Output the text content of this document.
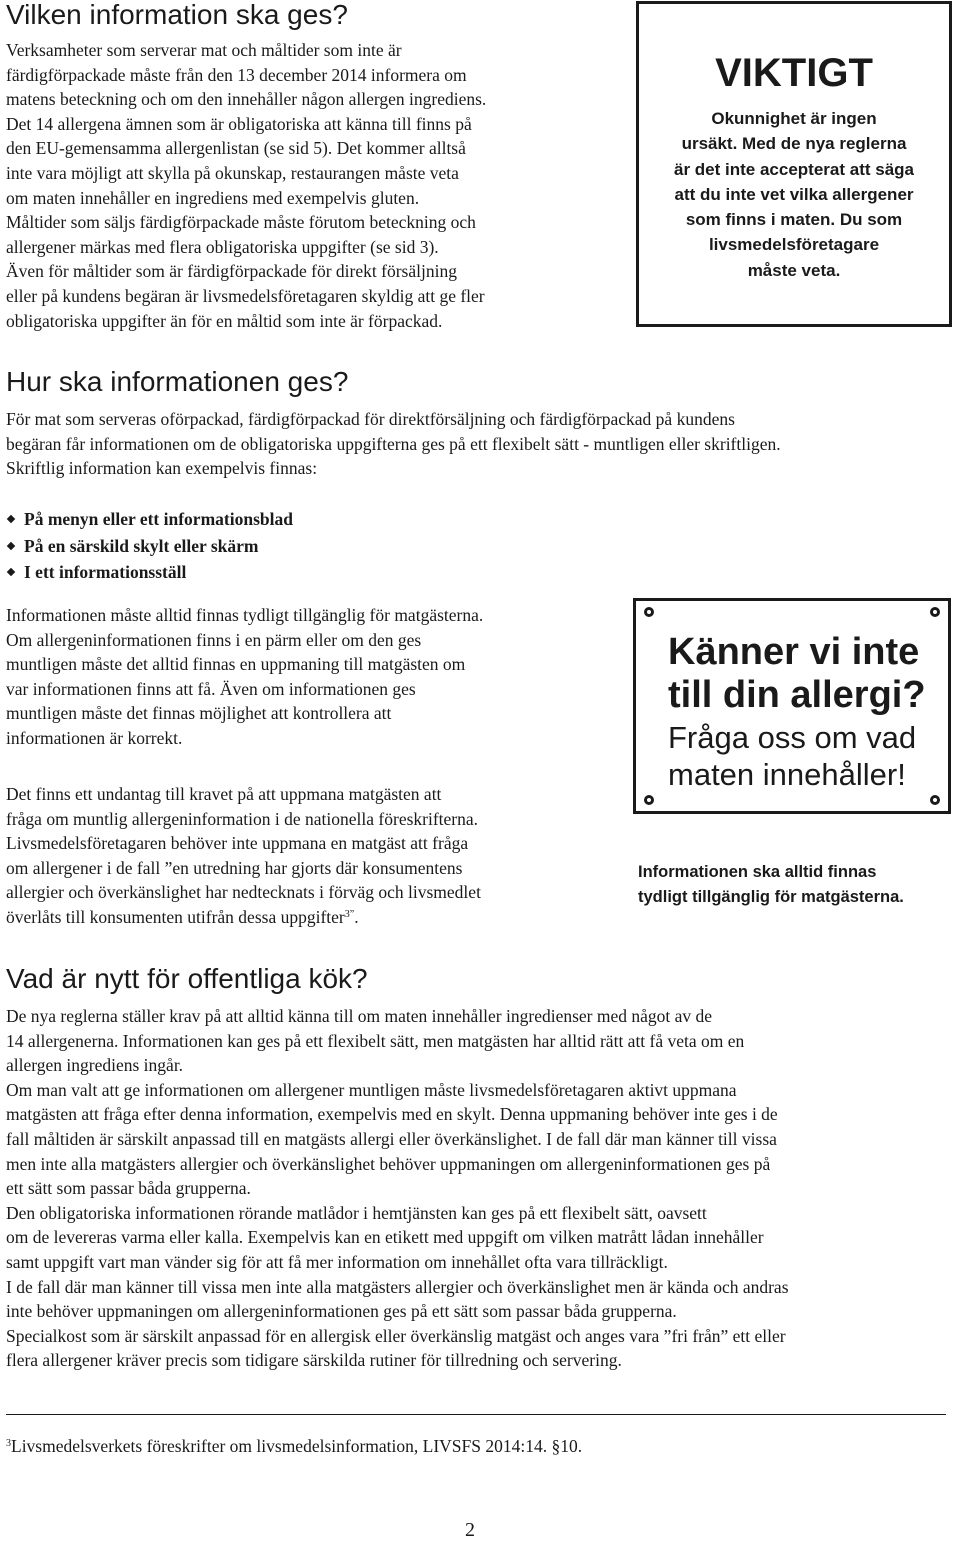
Vilken information ska ges?
Verksamheter som serverar mat och måltider som inte är
färdigförpackade måste från den 13 december 2014 informera om
matens beteckning och om den innehåller någon allergen ingrediens.
Det 14 allergena ämnen som är obligatoriska att känna till finns på
den EU-gemensamma allergenlistan (se sid 5). Det kommer alltså
inte vara möjligt att skylla på okunskap, restaurangen måste veta
om maten innehåller en ingrediens med exempelvis gluten.
Måltider som säljs färdigförpackade måste förutom beteckning och
allergener märkas med flera obligatoriska uppgifter (se sid 3).
Även för måltider som är färdigförpackade för direkt försäljning
eller på kundens begäran är livsmedelsföretagaren skyldig att ge fler
obligatoriska uppgifter än för en måltid som inte är förpackad.
VIKTIGT
Okunnighet är ingen
ursäkt. Med de nya reglerna
är det inte accepterat att säga
att du inte vet vilka allergener
som finns i maten. Du som
livsmedelsföretagare
måste veta.
Hur ska informationen ges?
För mat som serveras oförpackad, färdigförpackad för direktförsäljning och färdigförpackad på kundens
begäran får informationen om de obligatoriska uppgifterna ges på ett flexibelt sätt - muntligen eller skriftligen.
Skriftlig information kan exempelvis finnas:
På menyn eller ett informationsblad
På en särskild skylt eller skärm
I ett informationsställ
Informationen måste alltid finnas tydligt tillgänglig för matgästerna.
Om allergeninformationen finns i en pärm eller om den ges
muntligen måste det alltid finnas en uppmaning till matgästen om
var informationen finns att få. Även om informationen ges
muntligen måste det finnas möjlighet att kontrollera att
informationen är korrekt.
Det finns ett undantag till kravet på att uppmana matgästen att
fråga om muntlig allergeninformation i de nationella föreskrifterna.
Livsmedelsföretagaren behöver inte uppmana en matgäst att fråga
om allergener i de fall ”en utredning har gjorts där konsumentens
allergier och överkänslighet har nedtecknats i förväg och livsmedlet
överlåts till konsumenten utifrån dessa uppgifter$^{3”}$.
Känner vi inte
till din allergi?
Fråga oss om vad
maten innehåller!
Informationen ska alltid finnas
tydligt tillgänglig för matgästerna.
Vad är nytt för offentliga kök?
De nya reglerna ställer krav på att alltid känna till om maten innehåller ingredienser med något av de
14 allergenerna. Informationen kan ges på ett flexibelt sätt, men matgästen har alltid rätt att få veta om en
allergen ingrediens ingår.
Om man valt att ge informationen om allergener muntligen måste livsmedelsföretagaren aktivt uppmana
matgästen att fråga efter denna information, exempelvis med en skylt. Denna uppmaning behöver inte ges i de
fall måltiden är särskilt anpassad till en matgästs allergi eller överkänslighet. I de fall där man känner till vissa
men inte alla matgästers allergier och överkänslighet behöver uppmaningen om allergeninformationen ges på
ett sätt som passar båda grupperna.
Den obligatoriska informationen rörande matlådor i hemtjänsten kan ges på ett flexibelt sätt, oavsett
om de levereras varma eller kalla. Exempelvis kan en etikett med uppgift om vilken matrått lådan innehåller
samt uppgift vart man vänder sig för att få mer information om innehållet ofta vara tillräckligt.
I de fall där man känner till vissa men inte alla matgästers allergier och överkänslighet men är kända och andras
inte behöver uppmaningen om allergeninformationen ges på ett sätt som passar båda grupperna.
Specialkost som är särskilt anpassad för en allergisk eller överkänslig matgäst och anges vara ”fri från” ett eller
flera allergener kräver precis som tidigare särskilda rutiner för tillredning och servering.
$^3$Livsmedelsverkets föreskrifter om livsmedelsinformation, LIVSFS 2014:14. §10.
2
